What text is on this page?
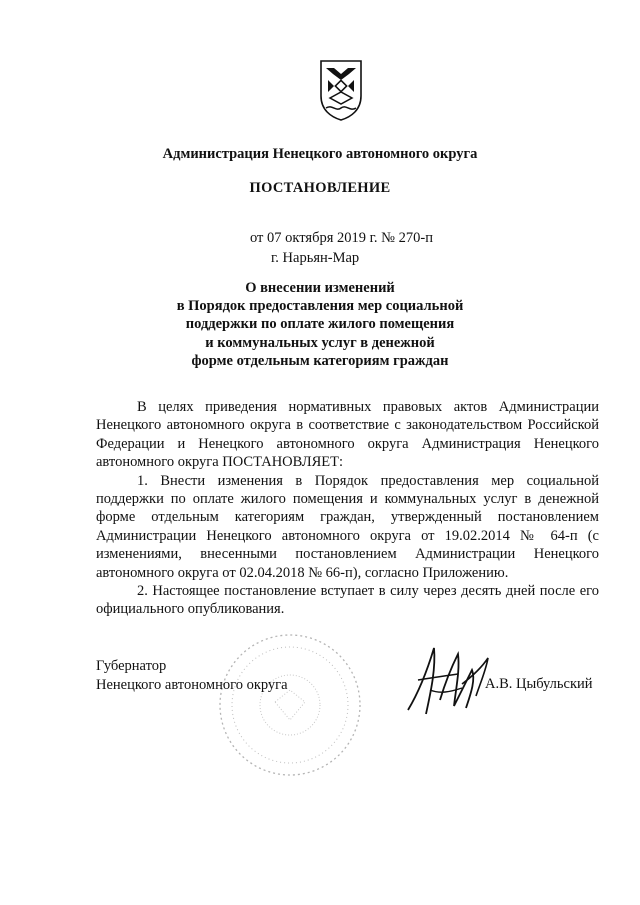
Администрация Ненецкого автономного округа
ПОСТАНОВЛЕНИЕ
от 07 октября 2019 г. № 270-п
г. Нарьян-Мар
О внесении изменений
в Порядок предоставления мер социальной
поддержки по оплате жилого помещения
и коммунальных услуг в денежной
форме отдельным категориям граждан

В целях приведения нормативных правовых актов Администрации Ненецкого автономного округа в соответствие с законодательством Российской Федерации и Ненецкого автономного округа Администрация Ненецкого автономного округа ПОСТАНОВЛЯЕТ:

1. Внести изменения в Порядок предоставления мер социальной поддержки по оплате жилого помещения и коммунальных услуг в денежной форме отдельным категориям граждан, утвержденный постановлением Администрации Ненецкого автономного округа от 19.02.2014 № 64-п (с изменениями, внесенными постановлением Администрации Ненецкого автономного округа от 02.04.2018 № 66-п), согласно Приложению.

2. Настоящее постановление вступает в силу через десять дней после его официального опубликования.

Губернатор
Ненецкого автономного округа	А.В. Цыбульский
